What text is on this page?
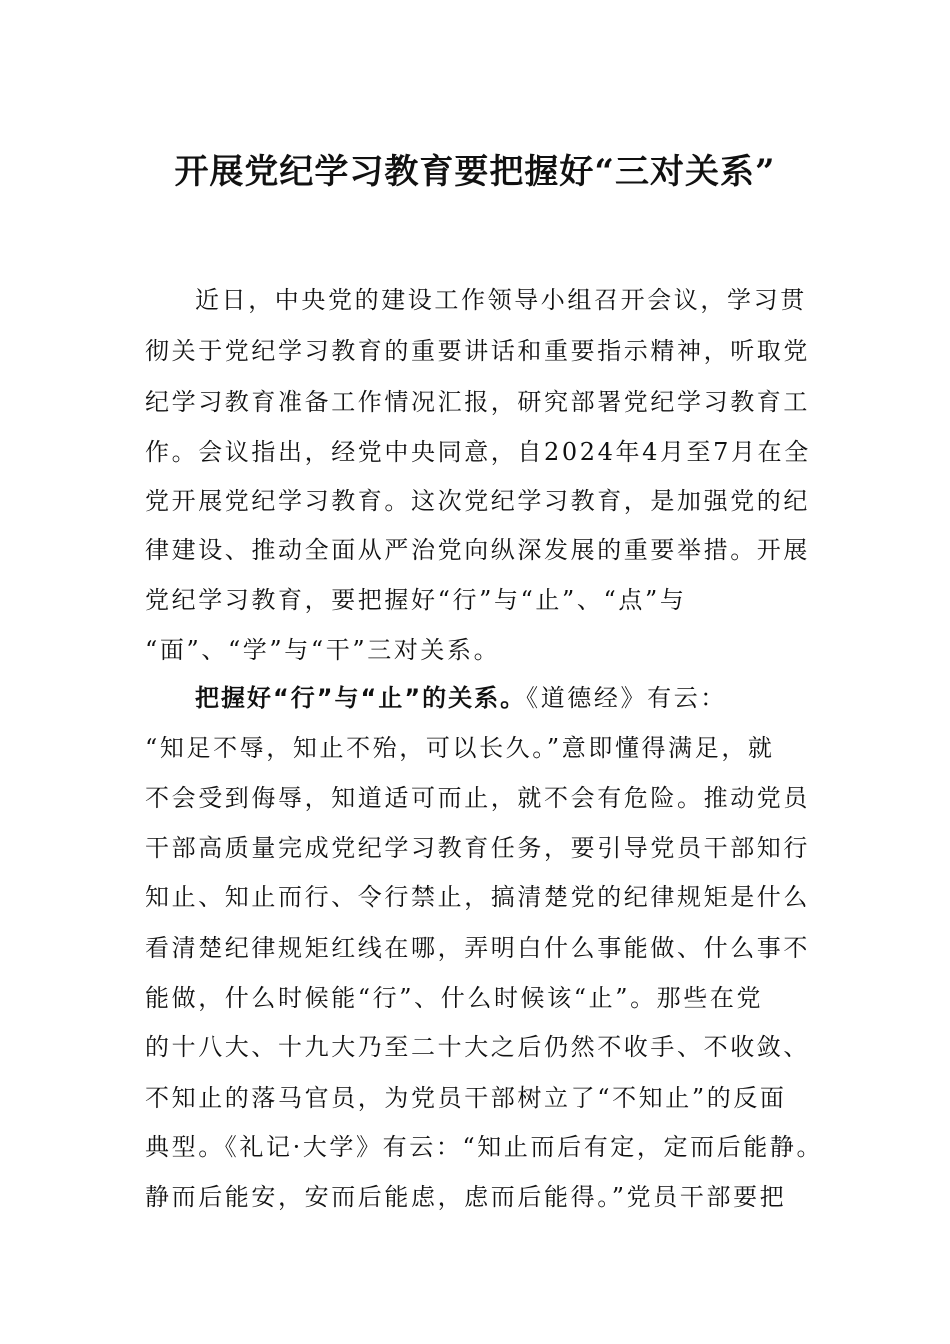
开展党纪学习教育要把握好“三对关系”
近日，中央党的建设工作领导小组召开会议，学习贯
彻关于党纪学习教育的重要讲话和重要指示精神，听取党
纪学习教育准备工作情况汇报，研究部署党纪学习教育工
作。会议指出，经党中央同意，自2024年4月至7月在全
党开展党纪学习教育。这次党纪学习教育，是加强党的纪
律建设、推动全面从严治党向纵深发展的重要举措。开展
党纪学习教育，要把握好“行”与“止”、“点”与
“面”、“学”与“干”三对关系。
把握好“行”与“止”的关系。《道德经》有云：
“知足不辱，知止不殆，可以长久。”意即懂得满足，就
不会受到侮辱，知道适可而止，就不会有危险。推动党员
干部高质量完成党纪学习教育任务，要引导党员干部知行
知止、知止而行、令行禁止，搞清楚党的纪律规矩是什么
看清楚纪律规矩红线在哪，弄明白什么事能做、什么事不
能做，什么时候能“行”、什么时候该“止”。那些在党
的十八大、十九大乃至二十大之后仍然不收手、不收敛、
不知止的落马官员，为党员干部树立了“不知止”的反面
典型。《礼记·大学》有云：“知止而后有定，定而后能静。
静而后能安，安而后能虑，虑而后能得。”党员干部要把
